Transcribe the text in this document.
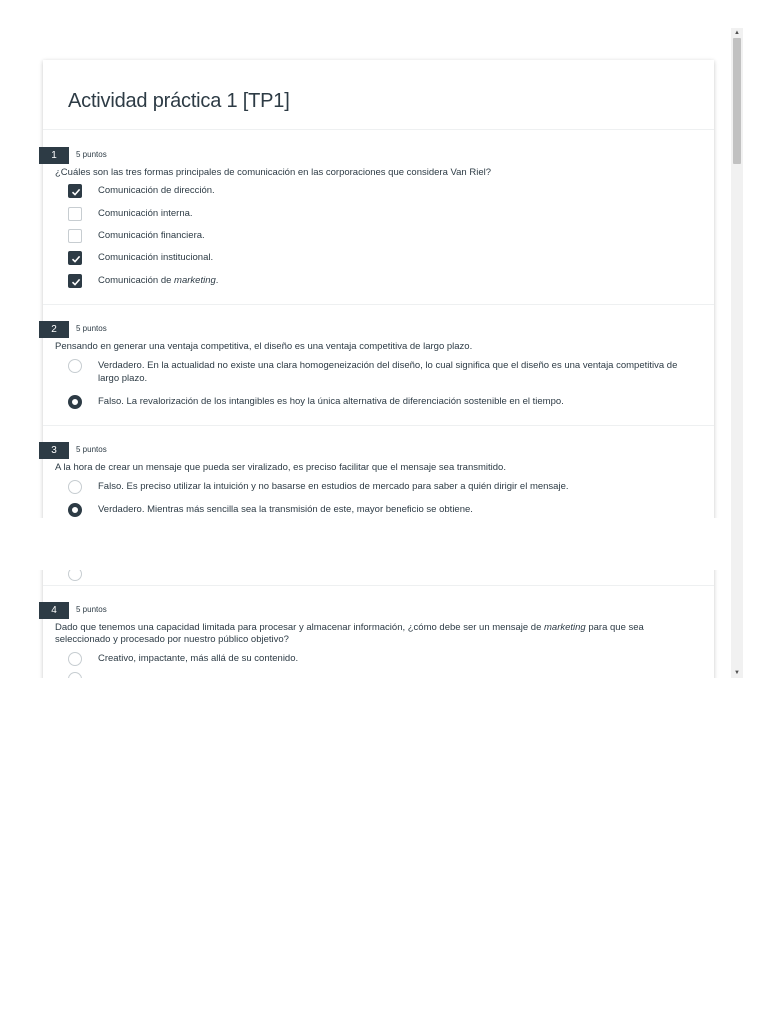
Actividad práctica 1 [TP1]
1	5 puntos
¿Cuáles son las tres formas principales de comunicación en las corporaciones que considera Van Riel?
Comunicación de dirección.
Comunicación interna.
Comunicación financiera.
Comunicación institucional.
Comunicación de marketing.
2	5 puntos
Pensando en generar una ventaja competitiva, el diseño es una ventaja competitiva de largo plazo.
Verdadero. En la actualidad no existe una clara homogeneización del diseño, lo cual significa que el diseño es una ventaja competitiva de largo plazo.
Falso. La revalorización de los intangibles es hoy la única alternativa de diferenciación sostenible en el tiempo.
3	5 puntos
A la hora de crear un mensaje que pueda ser viralizado, es preciso facilitar que el mensaje sea transmitido.
Falso. Es preciso utilizar la intuición y no basarse en estudios de mercado para saber a quién dirigir el mensaje.
Verdadero. Mientras más sencilla sea la transmisión de este, mayor beneficio se obtiene.
4	5 puntos
Dado que tenemos una capacidad limitada para procesar y almacenar información, ¿cómo debe ser un mensaje de marketing para que sea seleccionado y procesado por nuestro público objetivo?
Creativo, impactante, más allá de su contenido.
▲
▼
